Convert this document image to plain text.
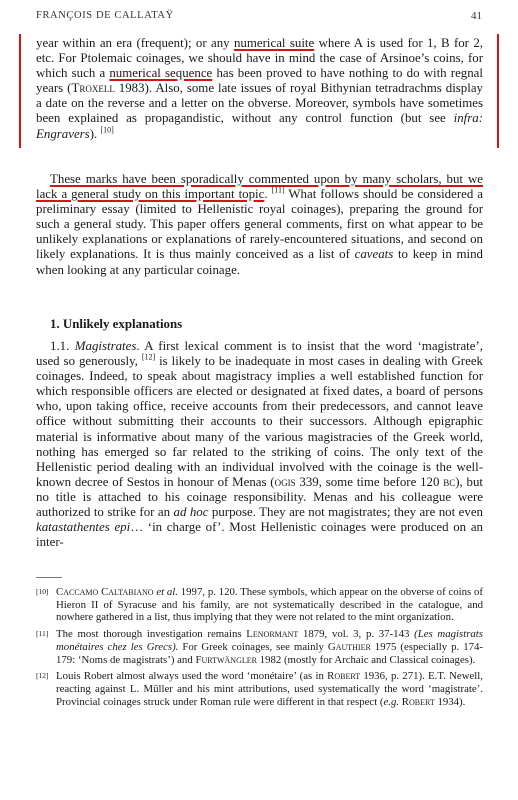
FRANÇOIS DE CALLATAŸ	41

year within an era (frequent); or any numerical suite where A is used for 1, B for 2, etc. For Ptolemaic coinages, we should have in mind the case of Arsinoe’s coins, for which such a numerical sequence has been proved to have nothing to do with regnal years (Troxell 1983). Also, some late issues of royal Bithynian tetradrachms display a date on the reverse and a letter on the obverse. Moreover, symbols have sometimes been explained as propagandistic, without any control function (but see infra: Engravers). [10]

These marks have been sporadically commented upon by many scholars, but we lack a general study on this important topic. [11] What follows should be considered a preliminary essay (limited to Hellenistic royal coinages), preparing the ground for such a general study. This paper offers general comments, first on what appear to be unlikely explanations or explanations of rarely-encountered situations, and second on likely explanations. It is thus mainly conceived as a list of caveats to keep in mind when looking at any particular coinage.

1. Unlikely explanations

1.1. Magistrates. A first lexical comment is to insist that the word ‘magistrate’, used so generously, [12] is likely to be inadequate in most cases in dealing with Greek coinages. Indeed, to speak about magistracy implies a well established function for which responsible officers are elected or designated at fixed dates, a board of persons who, upon taking office, receive accounts from their predecessors, and cannot leave office without submitting their accounts to their successors. Although epigraphic material is informative about many of the various magistracies of the Greek world, nothing has emerged so far related to the striking of coins. The only text of the Hellenistic period dealing with an individual involved with the coinage is the well-known decree of Sestos in honour of Menas (ogis 339, some time before 120 bc), but no title is attached to his coinage responsibility. Menas and his colleague were authorized to strike for an ad hoc purpose. They are not magistrates; they are not even katastathentes epi… ‘in charge of’. Most Hellenistic coinages were produced on an inter-

[10] Caccamo Caltabiano et al. 1997, p. 120. These symbols, which appear on the obverse of coins of Hieron II of Syracuse and his family, are not systematically described in the catalogue, and nowhere gathered in a list, thus implying that they were not related to the mint organization.
[11] The most thorough investigation remains Lenormant 1879, vol. 3, p. 37-143 (Les magistrats monétaires chez les Grecs). For Greek coinages, see mainly Gauthier 1975 (especially p. 174-179: ‘Noms de magistrats’) and Furtwängler 1982 (mostly for Archaic and Classical coinages).
[12] Louis Robert almost always used the word ‘monétaire’ (as in Robert 1936, p. 271). E.T. Newell, reacting against L. Müller and his mint attributions, used systematically the word ‘magistrate’. Provincial coinages struck under Roman rule were different in that respect (e.g. Robert 1934).
